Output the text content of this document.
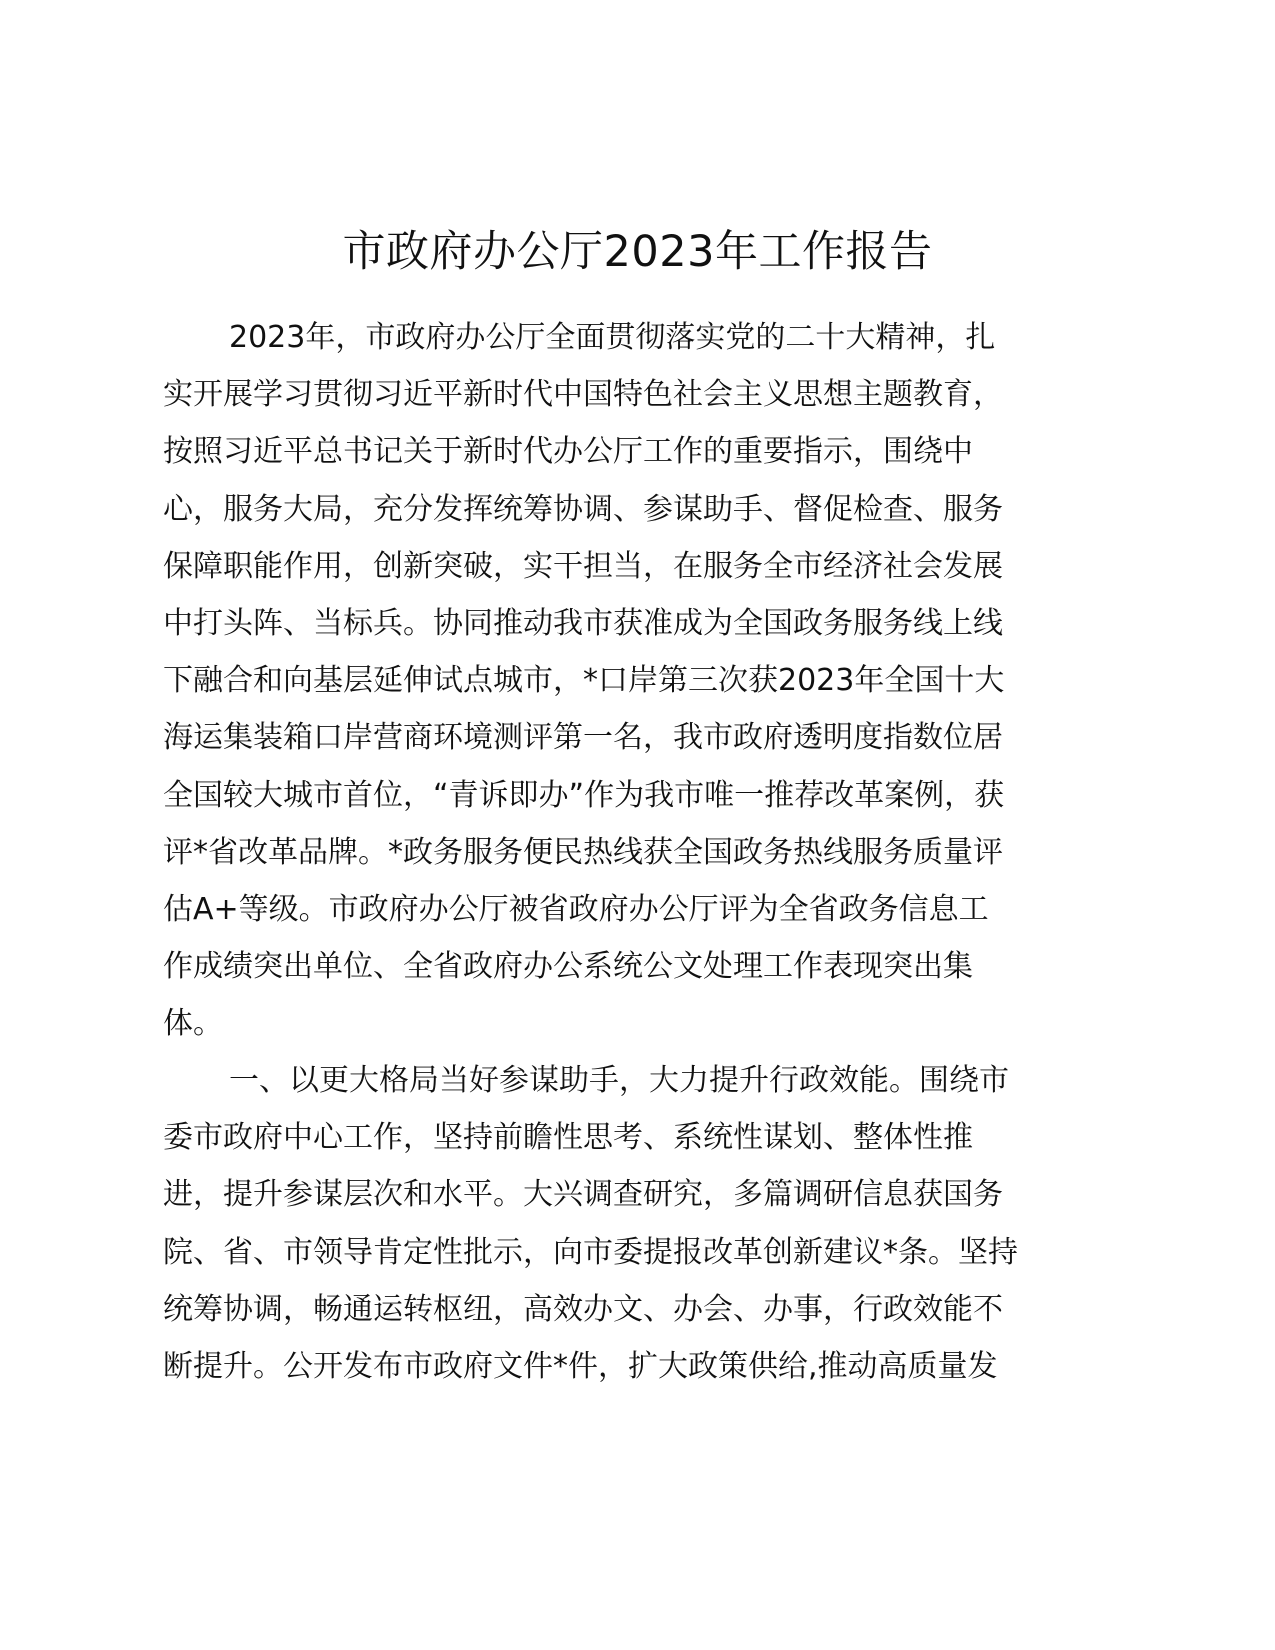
市政府办公厅2023年工作报告
2023年，市政府办公厅全面贯彻落实党的二十大精神，扎
实开展学习贯彻习近平新时代中国特色社会主义思想主题教育，
按照习近平总书记关于新时代办公厅工作的重要指示，围绕中
心，服务大局，充分发挥统筹协调、参谋助手、督促检查、服务
保障职能作用，创新突破，实干担当，在服务全市经济社会发展
中打头阵、当标兵。协同推动我市获准成为全国政务服务线上线
下融合和向基层延伸试点城市，*口岸第三次获2023年全国十大
海运集装箱口岸营商环境测评第一名，我市政府透明度指数位居
全国较大城市首位，“青诉即办”作为我市唯一推荐改革案例，获
评*省改革品牌。*政务服务便民热线获全国政务热线服务质量评
估A+等级。市政府办公厅被省政府办公厅评为全省政务信息工
作成绩突出单位、全省政府办公系统公文处理工作表现突出集
体。
一、以更大格局当好参谋助手，大力提升行政效能。围绕市
委市政府中心工作，坚持前瞻性思考、系统性谋划、整体性推
进，提升参谋层次和水平。大兴调查研究，多篇调研信息获国务
院、省、市领导肯定性批示，向市委提报改革创新建议*条。坚持
统筹协调，畅通运转枢纽，高效办文、办会、办事，行政效能不
断提升。公开发布市政府文件*件，扩大政策供给,推动高质量发
